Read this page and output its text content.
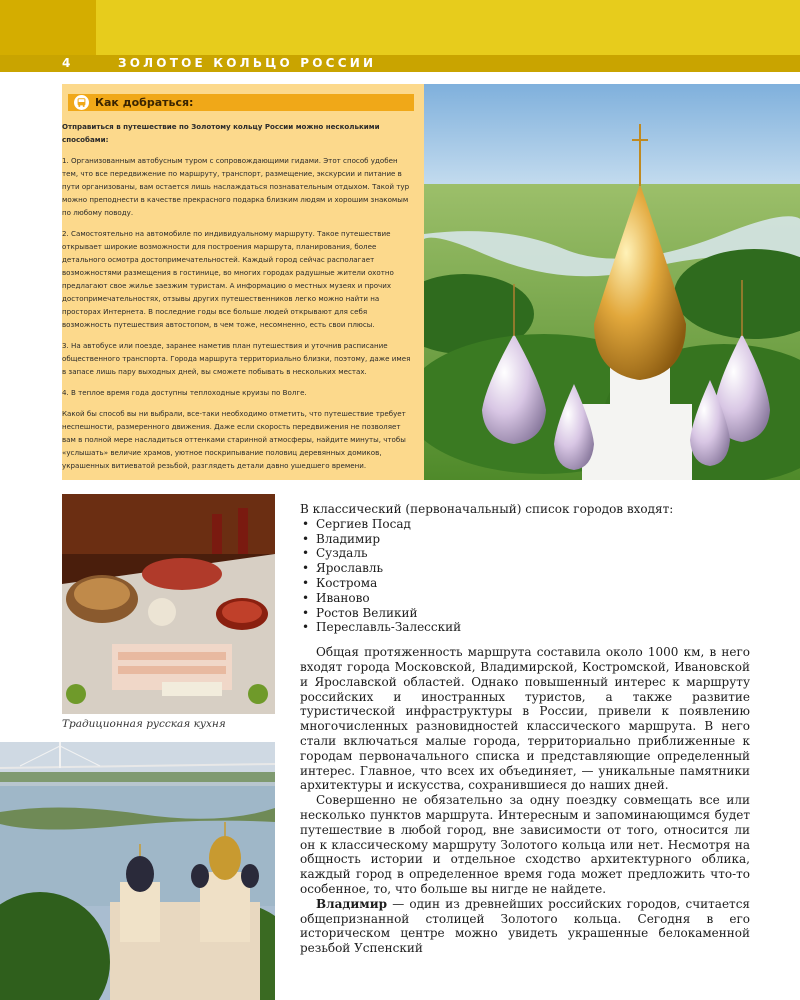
4	ЗОЛОТОЕ КОЛЬЦО РОССИИ
Как добраться:

Отправиться в путешествие по Золотому кольцу России можно несколькими способами:

1. Организованным автобусным туром с сопровождающими гидами. Этот способ удобен тем, что все передвижение по маршруту, транспорт, размещение, экскурсии и питание в пути организованы, вам остается лишь наслаждаться познавательным отдыхом. Такой тур можно преподнести в качестве прекрасного подарка близким людям и хорошим знакомым по любому поводу.

2. Самостоятельно на автомобиле по индивидуальному маршруту. Такое путешествие открывает широкие возможности для построения маршрута, планирования, более детального осмотра достопримечательностей. Каждый город сейчас располагает возможностями размещения в гостинице, во многих городах радушные жители охотно предлагают свое жилье заезжим туристам. А информацию о местных музеях и прочих достопримечательностях, отзывы других путешественников легко можно найти на просторах Интернета. В последние годы все больше людей открывают для себя возможность путешествия автостопом, в чем тоже, несомненно, есть свои плюсы.

3. На автобусе или поезде, заранее наметив план путешествия и уточнив расписание общественного транспорта. Города маршрута территориально близки, поэтому, даже имея в запасе лишь пару выходных дней, вы сможете побывать в нескольких местах.

4. В теплое время года доступны теплоходные круизы по Волге.

Какой бы способ вы ни выбрали, все-таки необходимо отметить, что путешествие требует неспешности, размеренного движения. Даже если скорость передвижения не позволяет вам в полной мере насладиться оттенками старинной атмосферы, найдите минуты, чтобы «услышать» величие храмов, уютное поскрипывание половиц деревянных домиков, украшенных витиеватой резьбой, разглядеть детали давно ушедшего времени.

Традиционная русская кухня

В классический (первоначальный) список городов входят:

• Сергиев Посад
• Владимир
• Суздаль
• Ярославль
• Кострома
• Иваново
• Ростов Великий
• Переславль-Залесский

Общая протяженность маршрута составила около 1000 км, в него входят города Московской, Владимирской, Костромской, Ивановской и Ярославской областей. Однако повышенный интерес к маршруту российских и иностранных туристов, а также развитие туристической инфраструктуры в России, привели к появлению многочисленных разновидностей классического маршрута. В него стали включаться малые города, территориально приближенные к городам первоначального списка и представляющие определенный интерес. Главное, что всех их объединяет, — уникальные памятники архитектуры и искусства, сохранившиеся до наших дней.

Совершенно не обязательно за одну поездку совмещать все или несколько пунктов маршрута. Интересным и запоминающимся будет путешествие в любой город, вне зависимости от того, относится ли он к классическому маршруту Золотого кольца или нет. Несмотря на общность истории и отдельное сходство архитектурного облика, каждый город в определенное время года может предложить что-то особенное, то, что больше вы нигде не найдете.

Владимир — один из древнейших российских городов, считается общепризнанной столицей Золотого кольца. Сегодня в его историческом центре можно увидеть украшенные белокаменной резьбой Успенский
